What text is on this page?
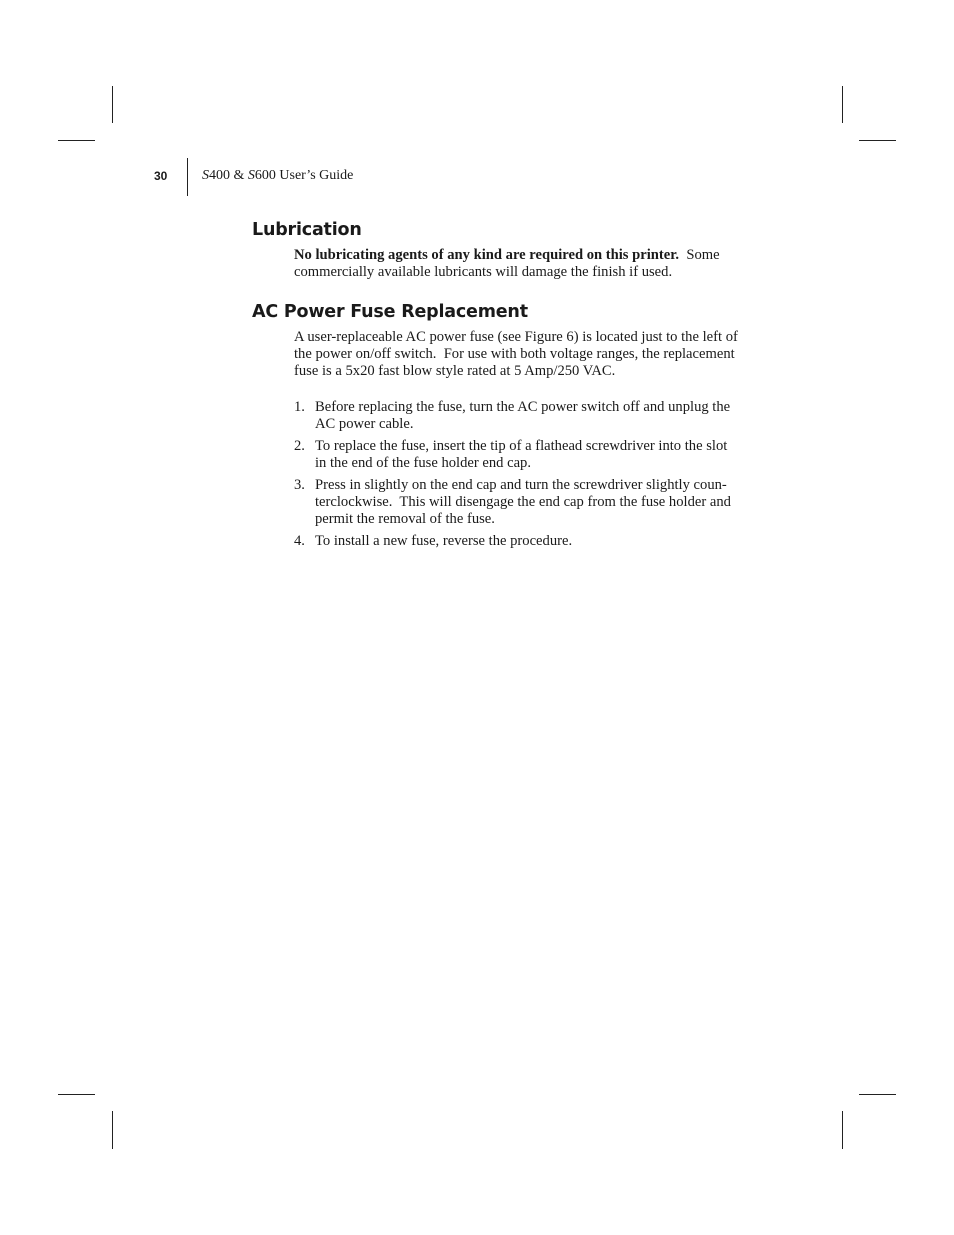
30 S400 & S600 User’s Guide
Lubrication

No lubricating agents of any kind are required on this printer.  Some
commercially available lubricants will damage the finish if used.

AC Power Fuse Replacement

A user-replaceable AC power fuse (see Figure 6) is located just to the left of
the power on/off switch.  For use with both voltage ranges, the replacement
fuse is a 5x20 fast blow style rated at 5 Amp/250 VAC.

1. Before replacing the fuse, turn the AC power switch off and unplug the
AC power cable.
2. To replace the fuse, insert the tip of a flathead screwdriver into the slot
in the end of the fuse holder end cap.
3. Press in slightly on the end cap and turn the screwdriver slightly coun-
terclockwise.  This will disengage the end cap from the fuse holder and
permit the removal of the fuse.
4. To install a new fuse, reverse the procedure.
